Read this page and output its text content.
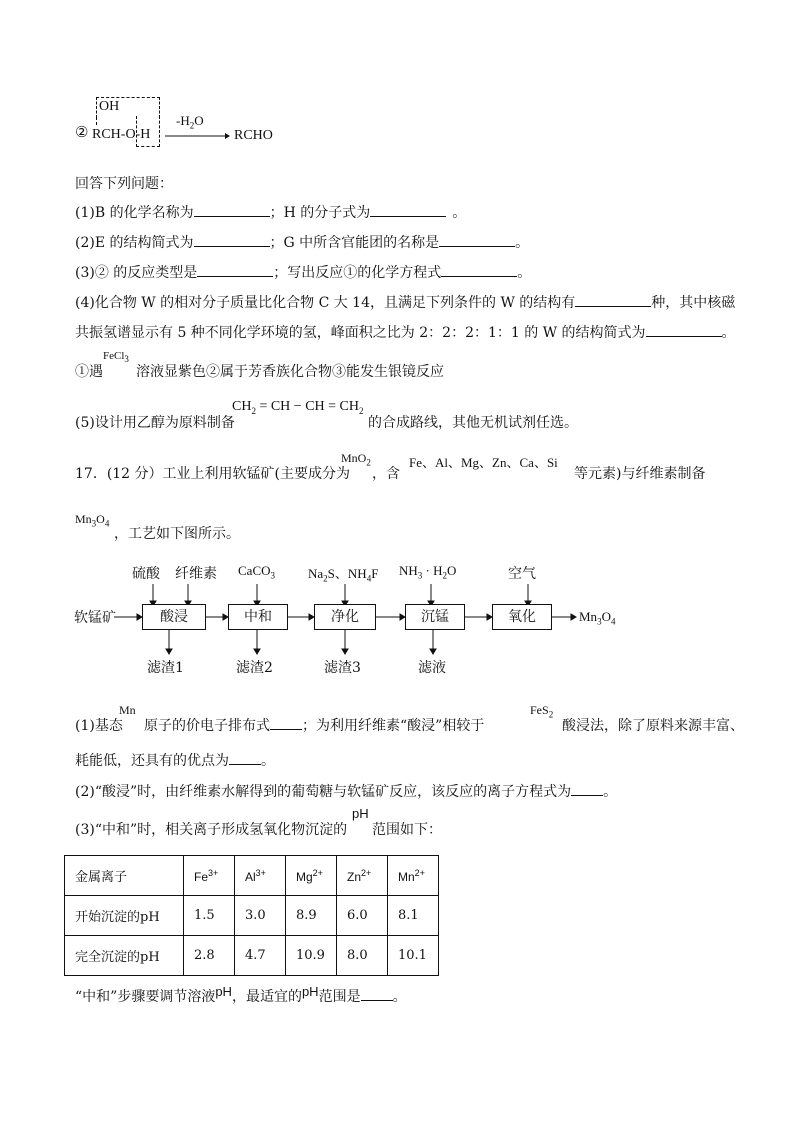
②
OH
RCH-O-H
$-H_2O$
RCHO
回答下列问题：
(1)B 的化学名称为	；H 的分子式为	。
(2)E 的结构简式为	；G 中所含官能团的名称是	。
(3)② 的反应类型是	；写出反应①的化学方程式	。
(4)化合物 W 的相对分子质量比化合物 C 大 14，且满足下列条件的 W 的结构有	种，其中核磁
共振氢谱显示有 5 种不同化学环境的氢，峰面积之比为 2：2：2：1：1 的 W 的结构简式为	。
①遇
FeCl$_3$
溶液显紫色②属于芳香族化合物③能发生银镜反应
(5)设计用乙醇为原料制备
$CH_2$ = CH − CH = $CH_2$
的合成路线，其他无机试剂任选。
17．(12 分）工业上利用软锰矿(主要成分为
MnO$_2$
，含
Fe、Al、Mg、Zn、Ca、Si
等元素)与纤维素制备
$Mn_3O_4$
，工艺如下图所示。
硫酸 纤维素 CaCO$_3$	$Na_2S$、$NH_4F$ $NH_3 \cdot H_2O$	空气
软锰矿	酸浸	中和	净化	沉锰	氧化	$Mn_3O_4$
滤渣1	滤渣2	滤渣3	滤液
(1)基态
Mn
原子的价电子排布式 ；为利用纤维素“酸浸”相较于
FeS$_2$
酸浸法，除了原料来源丰富、
耗能低，还具有的优点为 。
(2)“酸浸”时，由纤维素水解得到的葡萄糖与软锰矿反应，该反应的离子方程式为 。
(3)“中和”时，相关离子形成氢氧化物沉淀的
pH
范围如下：
金属离子	$Fe^{3+}$	$Al^{3+}$	$Mg^{2+}$	$Zn^{2+}$	$Mn^{2+}$
开始沉淀的pH	1.5	3.0	8.9	6.0	8.1
完全沉淀的pH	2.8	4.7	10.9	8.0	10.1
“中和”步骤要调节溶液pH，最适宜的pH范围是 。
